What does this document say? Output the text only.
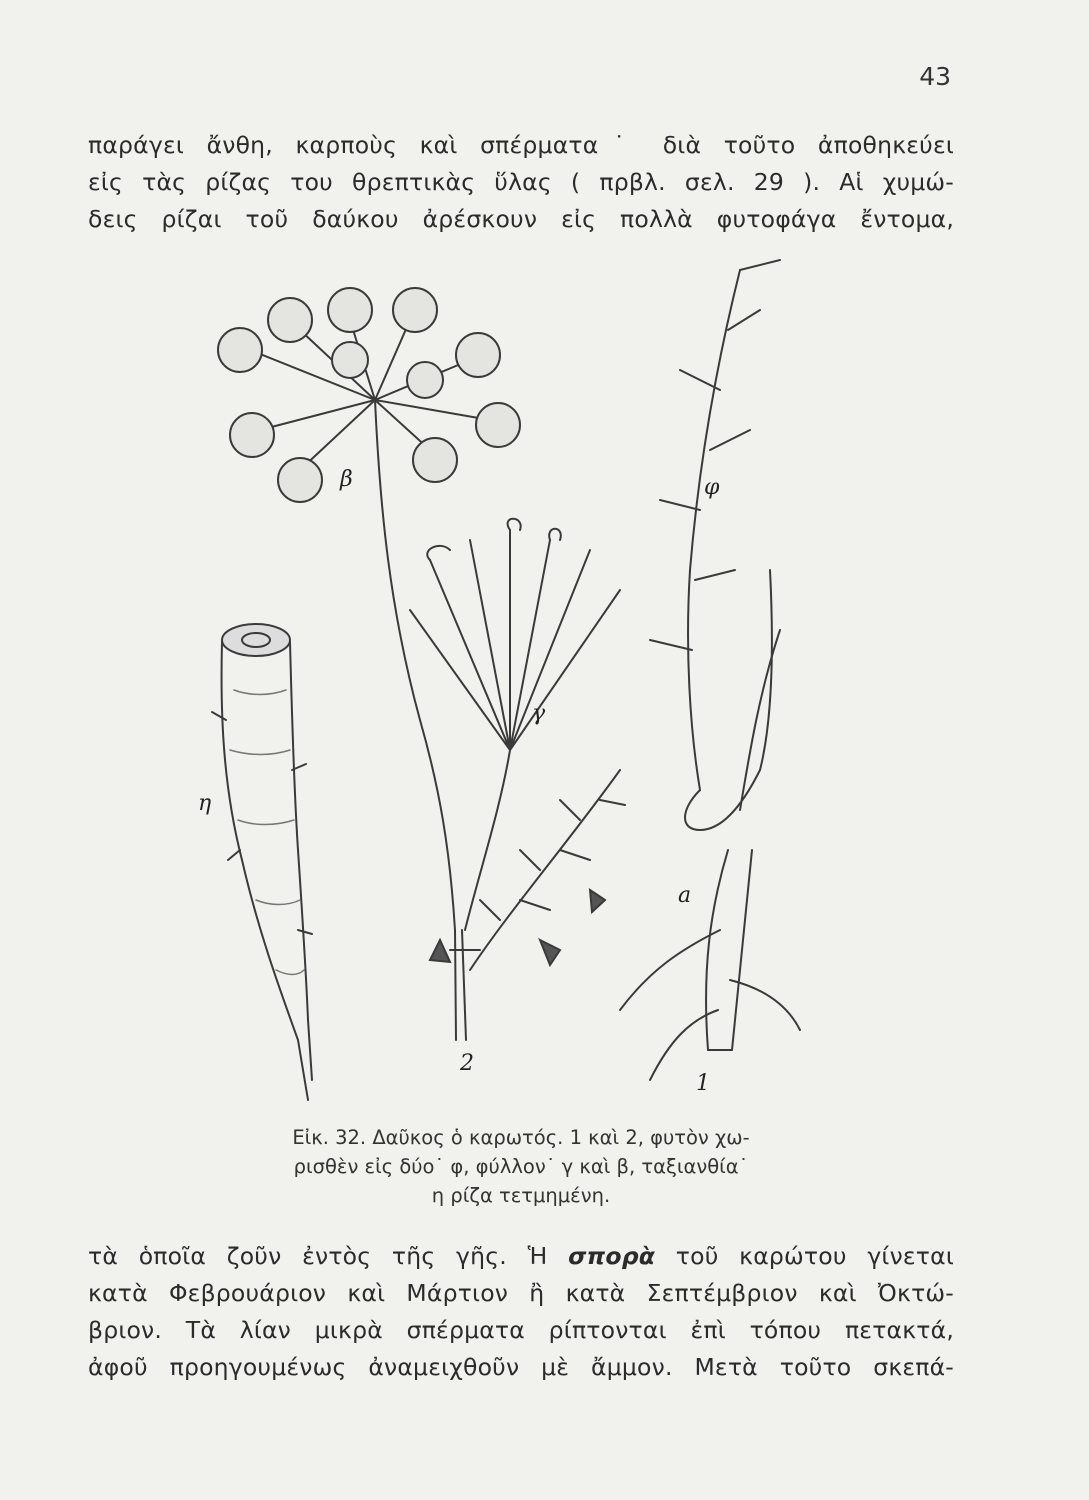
43
παράγει ἄνθη, καρποὺς καὶ σπέρματα˙ διὰ τοῦτο ἀποθηκεύει
εἰς τὰς ρίζας του θρεπτικὰς ὕλας ( πρβλ. σελ. 29 ). Αἱ χυμώ-
δεις ρίζαι τοῦ δαύκου ἀρέσκουν εἰς πολλὰ φυτοφάγα ἔντομα,
η
β
γ
φ
a
1
2
Εἰκ. 32. Δαῦκος ὁ καρωτός. 1 καὶ 2, φυτὸν χω-
ρισθὲν εἰς δύο˙ φ, φύλλον˙ γ καὶ β, ταξιανθία˙
η ρίζα τετμημένη.
τὰ ὁποῖα ζοῦν ἐντὸς τῆς γῆς. Ἡ σπορὰ τοῦ καρώτου γίνεται
κατὰ Φεβρουάριον καὶ Μάρτιον ἢ κατὰ Σεπτέμβριον καὶ Ὀκτώ-
βριον. Τὰ λίαν μικρὰ σπέρματα ρίπτονται ἐπὶ τόπου πετακτά,
ἀφοῦ προηγουμένως ἀναμειχθοῦν μὲ ἄμμον. Μετὰ τοῦτο σκεπά-
